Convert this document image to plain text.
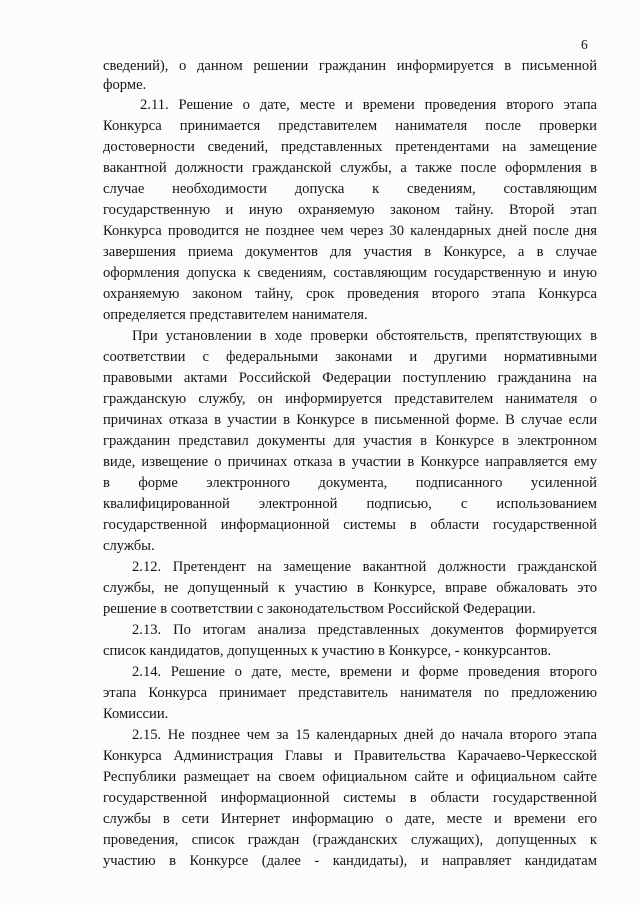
6
сведений), о данном решении гражданин информируется в письменной
форме.
2.11. Решение о дате, месте и времени проведения второго этапа
Конкурса принимается представителем нанимателя после проверки
достоверности сведений, представленных претендентами на замещение
вакантной должности гражданской службы, а также после оформления в
случае необходимости допуска к сведениям, составляющим
государственную и иную охраняемую законом тайну. Второй этап
Конкурса проводится не позднее чем через 30 календарных дней после дня
завершения приема документов для участия в Конкурсе, а в случае
оформления допуска к сведениям, составляющим государственную и иную
охраняемую законом тайну, срок проведения второго этапа Конкурса
определяется представителем нанимателя.
При установлении в ходе проверки обстоятельств, препятствующих в
соответствии с федеральными законами и другими нормативными
правовыми актами Российской Федерации поступлению гражданина на
гражданскую службу, он информируется представителем нанимателя о
причинах отказа в участии в Конкурсе в письменной форме. В случае если
гражданин представил документы для участия в Конкурсе в электронном
виде, извещение о причинах отказа в участии в Конкурсе направляется ему
в форме электронного документа, подписанного усиленной
квалифицированной электронной подписью, с использованием
государственной информационной системы в области государственной
службы.
2.12. Претендент на замещение вакантной должности гражданской
службы, не допущенный к участию в Конкурсе, вправе обжаловать это
решение в соответствии с законодательством Российской Федерации.
2.13. По итогам анализа представленных документов формируется
список кандидатов, допущенных к участию в Конкурсе, - конкурсантов.
2.14. Решение о дате, месте, времени и форме проведения второго
этапа Конкурса принимает представитель нанимателя по предложению
Комиссии.
2.15. Не позднее чем за 15 календарных дней до начала второго этапа
Конкурса Администрация Главы и Правительства Карачаево-Черкесской
Республики размещает на своем официальном сайте и официальном сайте
государственной информационной системы в области государственной
службы в сети Интернет информацию о дате, месте и времени его
проведения, список граждан (гражданских служащих), допущенных к
участию в Конкурсе (далее - кандидаты), и направляет кандидатам
